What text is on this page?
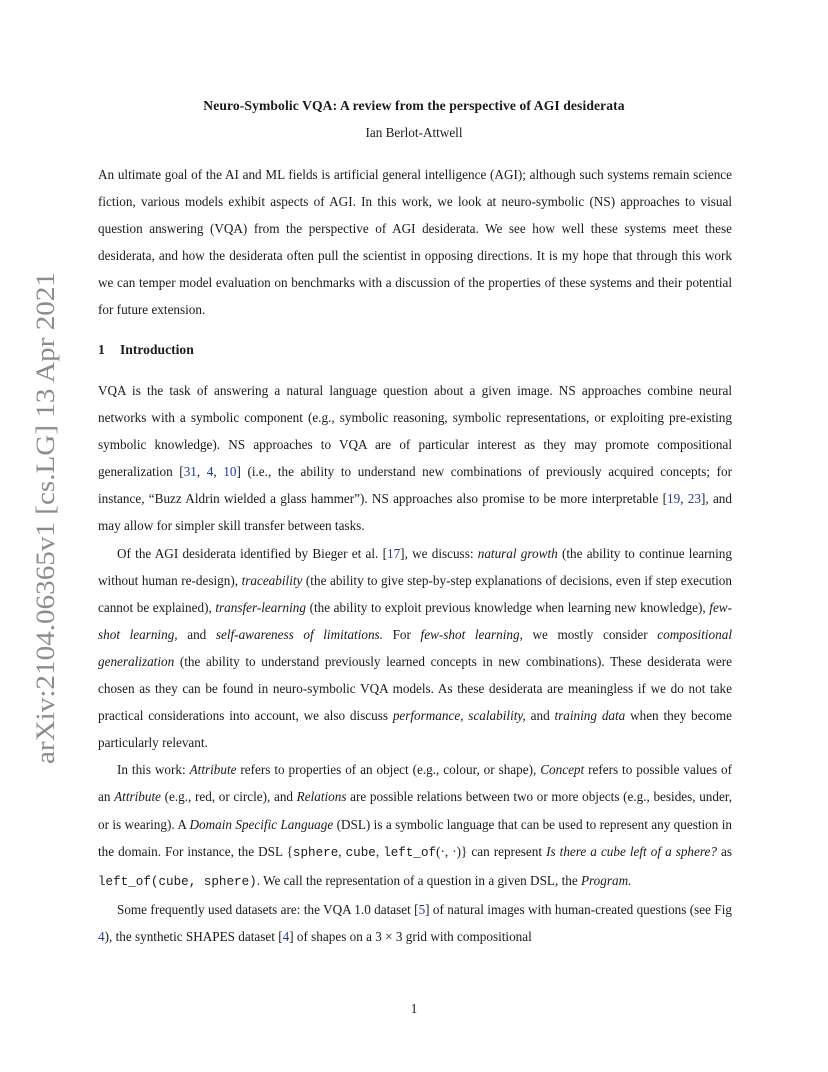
arXiv:2104.06365v1 [cs.LG] 13 Apr 2021
Neuro-Symbolic VQA: A review from the perspective of AGI desiderata
Ian Berlot-Attwell
An ultimate goal of the AI and ML fields is artificial general intelligence (AGI); although such systems remain science fiction, various models exhibit aspects of AGI. In this work, we look at neuro-symbolic (NS) approaches to visual question answering (VQA) from the perspective of AGI desiderata. We see how well these systems meet these desiderata, and how the desiderata often pull the scientist in opposing directions. It is my hope that through this work we can temper model evaluation on benchmarks with a discussion of the properties of these systems and their potential for future extension.
1 Introduction

VQA is the task of answering a natural language question about a given image. NS approaches combine neural networks with a symbolic component (e.g., symbolic reasoning, symbolic representations, or exploiting pre-existing symbolic knowledge). NS approaches to VQA are of particular interest as they may promote compositional generalization [31, 4, 10] (i.e., the ability to understand new combinations of previously acquired concepts; for instance, “Buzz Aldrin wielded a glass hammer”). NS approaches also promise to be more interpretable [19, 23], and may allow for simpler skill transfer between tasks.

Of the AGI desiderata identified by Bieger et al. [17], we discuss: natural growth (the ability to continue learning without human re-design), traceability (the ability to give step-by-step explanations of decisions, even if step execution cannot be explained), transfer-learning (the ability to exploit previous knowledge when learning new knowledge), few-shot learning, and self-awareness of limitations. For few-shot learning, we mostly consider compositional generalization (the ability to understand previously learned concepts in new combinations). These desiderata were chosen as they can be found in neuro-symbolic VQA models. As these desiderata are meaningless if we do not take practical considerations into account, we also discuss performance, scalability, and training data when they become particularly relevant.

In this work: Attribute refers to properties of an object (e.g., colour, or shape), Concept refers to possible values of an Attribute (e.g., red, or circle), and Relations are possible relations between two or more objects (e.g., besides, under, or is wearing). A Domain Specific Language (DSL) is a symbolic language that can be used to represent any question in the domain. For instance, the DSL {sphere, cube, left_of(·, ·)} can represent Is there a cube left of a sphere? as left_of(cube, sphere). We call the representation of a question in a given DSL, the Program.

Some frequently used datasets are: the VQA 1.0 dataset [5] of natural images with human-created questions (see Fig 4), the synthetic SHAPES dataset [4] of shapes on a 3 × 3 grid with compositional

1
